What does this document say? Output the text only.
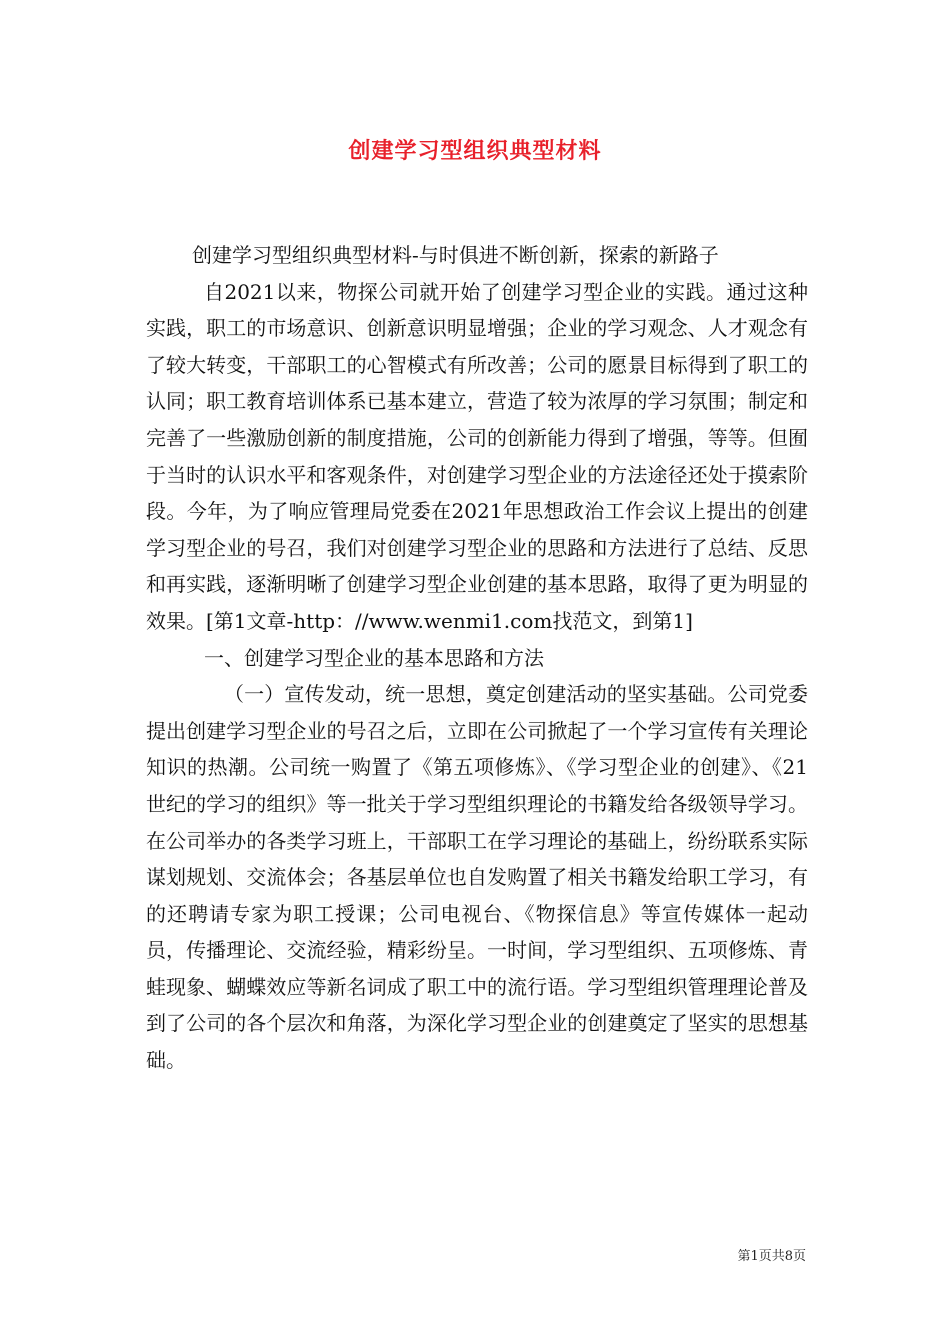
创建学习型组织典型材料

创建学习型组织典型材料-与时俱进不断创新，探索的新路子

自2021以来，物探公司就开始了创建学习型企业的实践。通过这种实践，职工的市场意识、创新意识明显增强；企业的学习观念、人才观念有了较大转变，干部职工的心智模式有所改善；公司的愿景目标得到了职工的认同；职工教育培训体系已基本建立，营造了较为浓厚的学习氛围；制定和完善了一些激励创新的制度措施，公司的创新能力得到了增强，等等。但囿于当时的认识水平和客观条件，对创建学习型企业的方法途径还处于摸索阶段。今年，为了响应管理局党委在2021年思想政治工作会议上提出的创建学习型企业的号召，我们对创建学习型企业的思路和方法进行了总结、反思和再实践，逐渐明晰了创建学习型企业创建的基本思路，取得了更为明显的效果。[第1文章-http：//www.wenmi1.com找范文，到第1]

一、创建学习型企业的基本思路和方法

（一）宣传发动，统一思想，奠定创建活动的坚实基础。公司党委提出创建学习型企业的号召之后，立即在公司掀起了一个学习宣传有关理论知识的热潮。公司统一购置了《第五项修炼》、《学习型企业的创建》、《21世纪的学习的组织》等一批关于学习型组织理论的书籍发给各级领导学习。在公司举办的各类学习班上，干部职工在学习理论的基础上，纷纷联系实际谋划规划、交流体会；各基层单位也自发购置了相关书籍发给职工学习，有的还聘请专家为职工授课；公司电视台、《物探信息》等宣传媒体一起动员，传播理论、交流经验，精彩纷呈。一时间，学习型组织、五项修炼、青蛙现象、蝴蝶效应等新名词成了职工中的流行语。学习型组织管理理论普及到了公司的各个层次和角落，为深化学习型企业的创建奠定了坚实的思想基础。

第1页共8页
